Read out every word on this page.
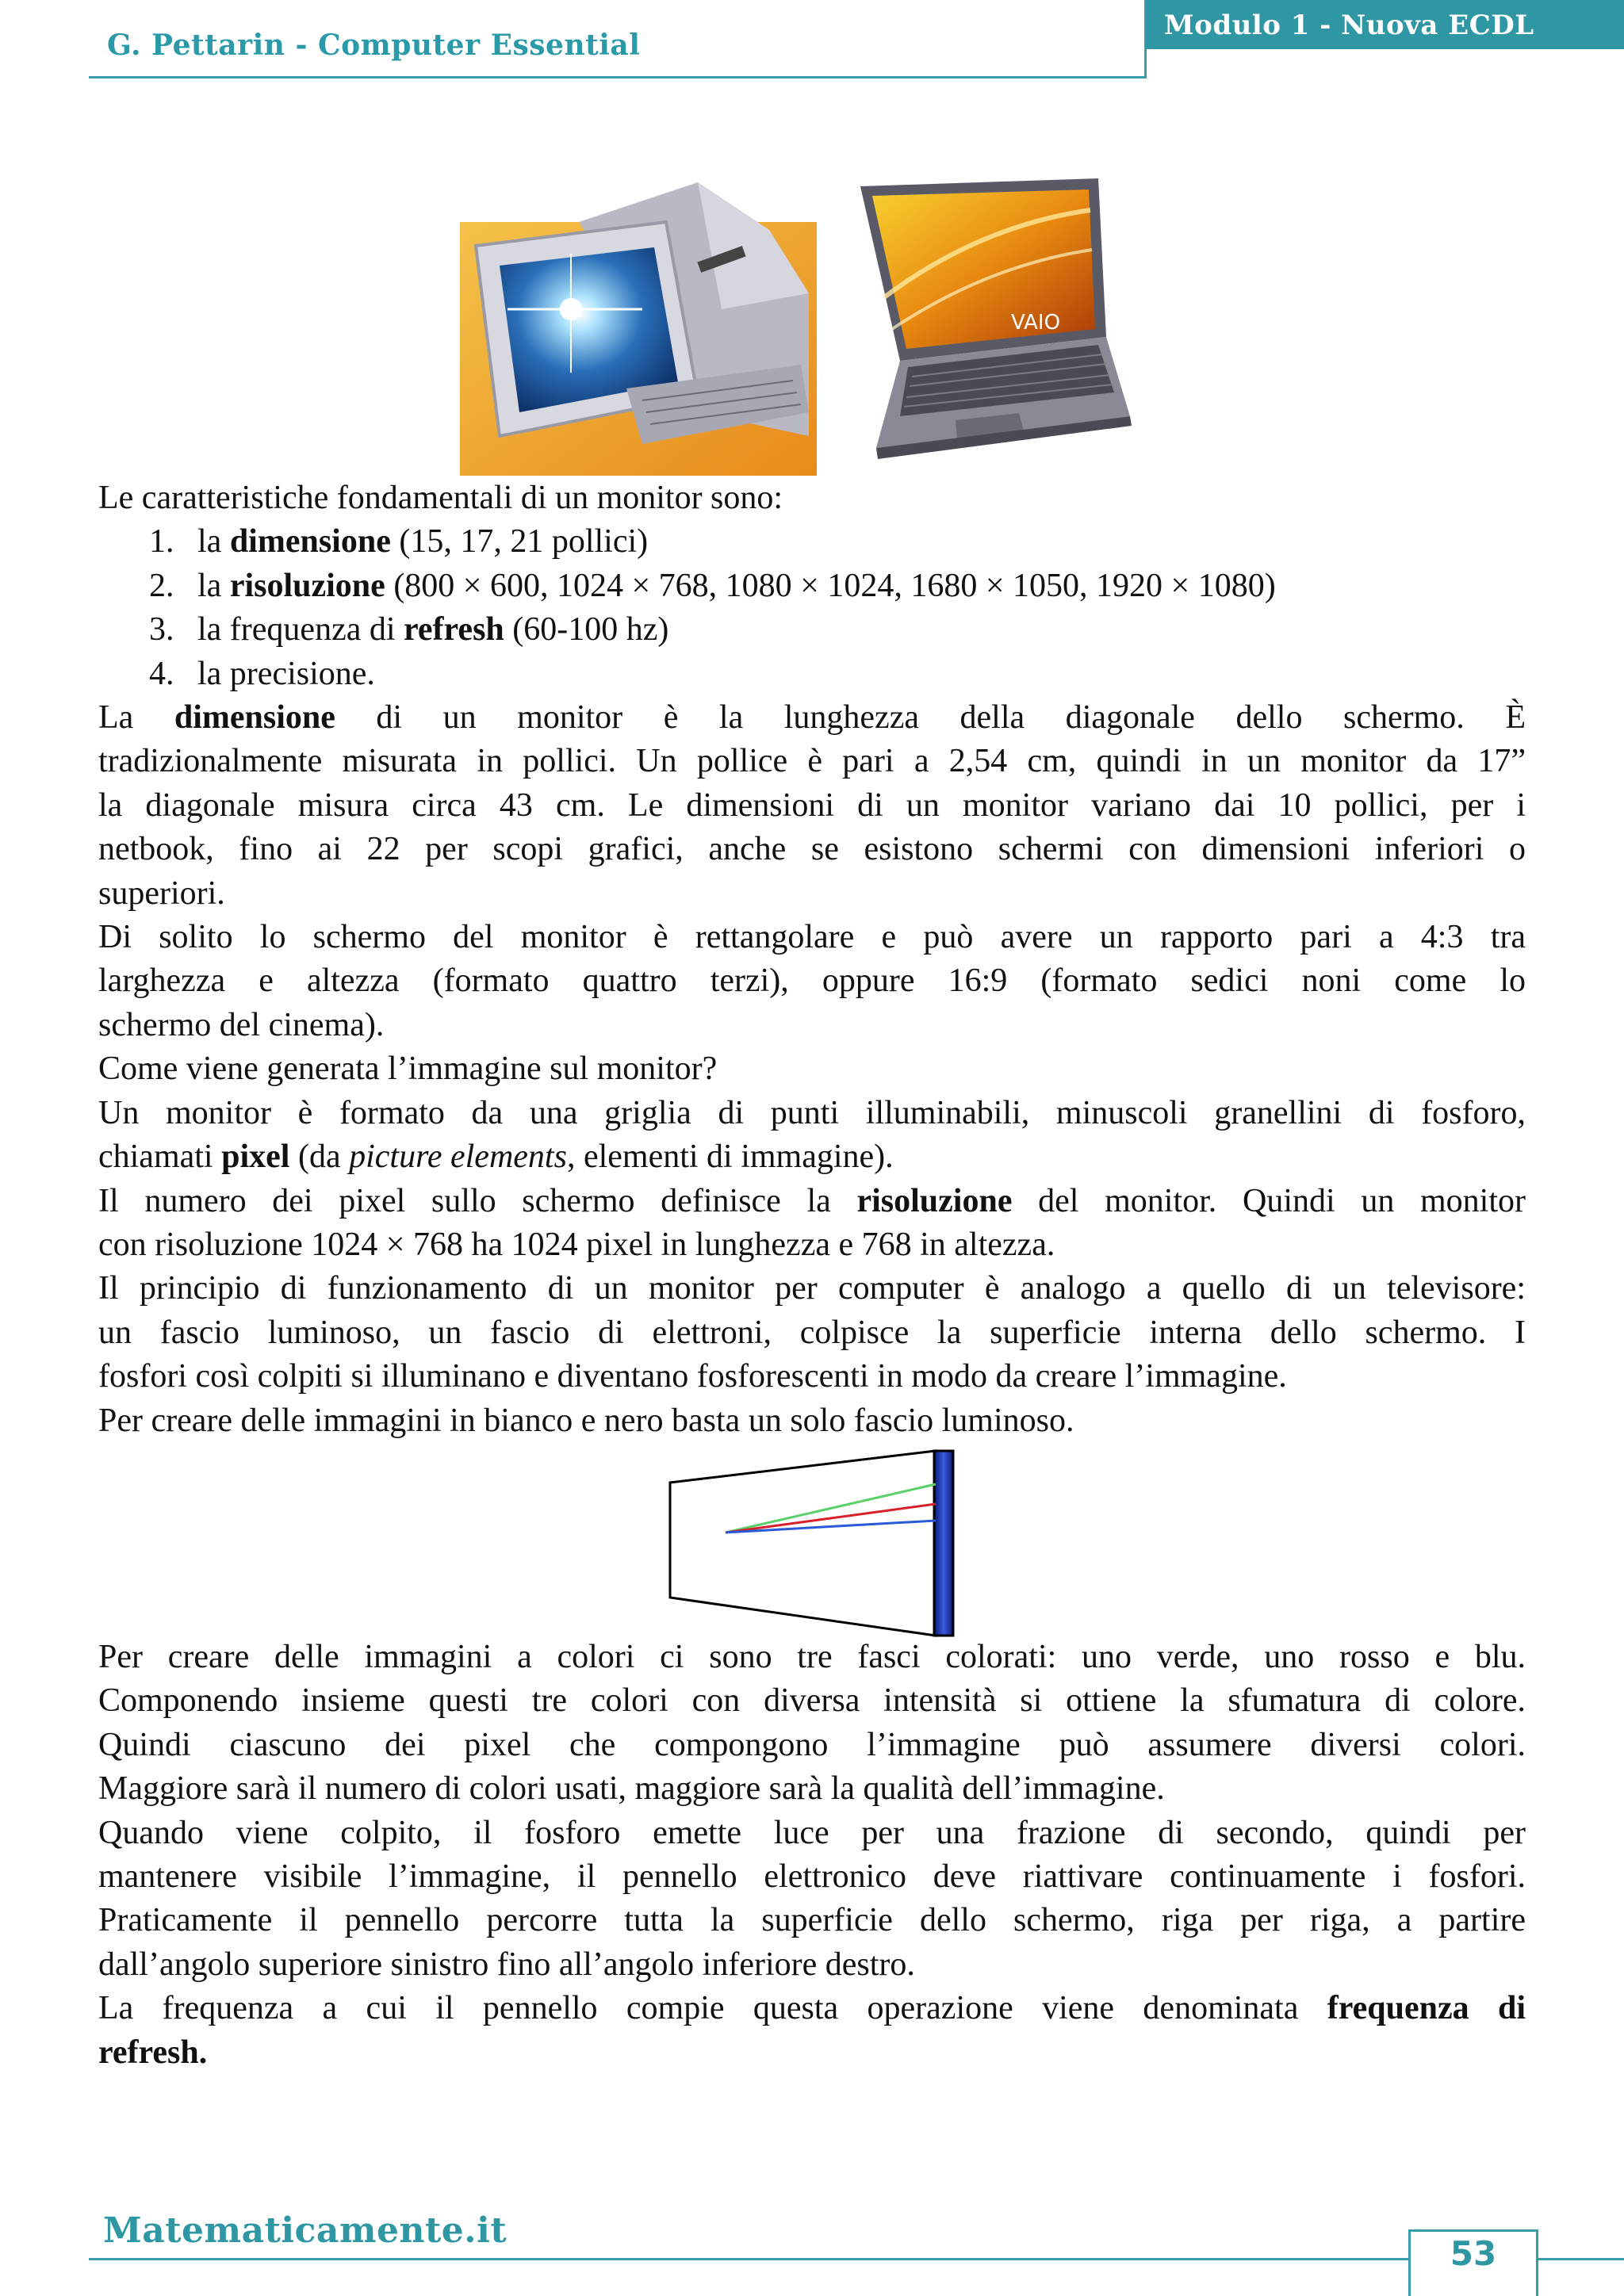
G. Pettarin - Computer Essential
Modulo 1 - Nuova ECDL
VAIO

Le caratteristiche fondamentali di un monitor sono:

1. la dimensione (15, 17, 21 pollici)
2. la risoluzione (800 × 600, 1024 × 768, 1080 × 1024, 1680 × 1050, 1920 × 1080)
3. la frequenza di refresh (60-100 hz)
4. la precisione.

La dimensione di un monitor è la lunghezza della diagonale dello schermo. È

tradizionalmente misurata in pollici. Un pollice è pari a 2,54 cm, quindi in un monitor da 17”

la diagonale misura circa 43 cm. Le dimensioni di un monitor variano dai 10 pollici, per i

netbook, fino ai 22 per scopi grafici, anche se esistono schermi con dimensioni inferiori o

superiori.

Di solito lo schermo del monitor è rettangolare e può avere un rapporto pari a 4:3 tra

larghezza e altezza (formato quattro terzi), oppure 16:9 (formato sedici noni come lo

schermo del cinema).

Come viene generata l’immagine sul monitor?

Un monitor è formato da una griglia di punti illuminabili, minuscoli granellini di fosforo,

chiamati pixel (da picture elements, elementi di immagine).

Il numero dei pixel sullo schermo definisce la risoluzione del monitor. Quindi un monitor

con risoluzione 1024 × 768 ha 1024 pixel in lunghezza e 768 in altezza.

Il principio di funzionamento di un monitor per computer è analogo a quello di un televisore:

un fascio luminoso, un fascio di elettroni, colpisce la superficie interna dello schermo. I

fosfori così colpiti si illuminano e diventano fosforescenti in modo da creare l’immagine.

Per creare delle immagini in bianco e nero basta un solo fascio luminoso.

Per creare delle immagini a colori ci sono tre fasci colorati: uno verde, uno rosso e blu.

Componendo insieme questi tre colori con diversa intensità si ottiene la sfumatura di colore.

Quindi ciascuno dei pixel che compongono l’immagine può assumere diversi colori.

Maggiore sarà il numero di colori usati, maggiore sarà la qualità dell’immagine.

Quando viene colpito, il fosforo emette luce per una frazione di secondo, quindi per

mantenere visibile l’immagine, il pennello elettronico deve riattivare continuamente i fosfori.

Praticamente il pennello percorre tutta la superficie dello schermo, riga per riga, a partire

dall’angolo superiore sinistro fino all’angolo inferiore destro.

La frequenza a cui il pennello compie questa operazione viene denominata frequenza di

refresh.

Matematicamente.it
53
